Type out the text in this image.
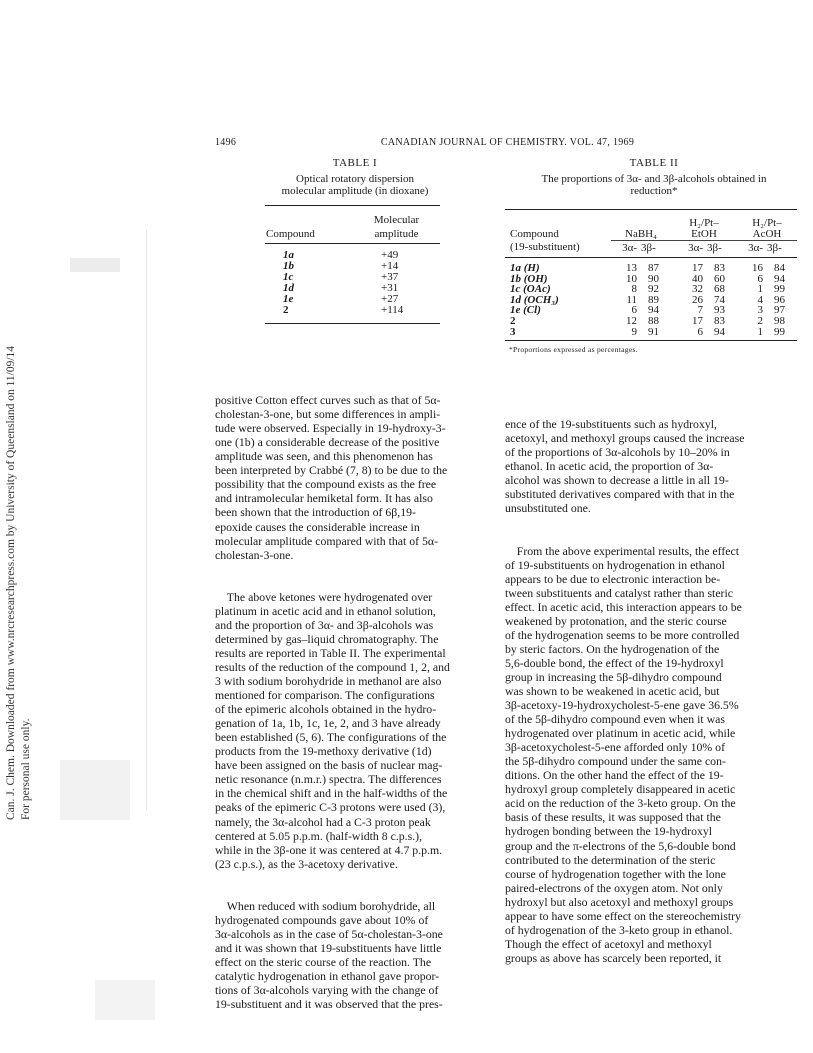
Can. J. Chem. Downloaded from www.nrcresearchpress.com by University of Queensland on 11/09/14 For personal use only.
1496	CANADIAN JOURNAL OF CHEMISTRY. VOL. 47, 1969
TABLE I
Optical rotatory dispersion
molecular amplitude (in dioxane)
Compound	Molecular
	amplitude
1a	+49
1b	+14
1c	+37
1d	+31
1e	+27
2	+114
TABLE II
The proportions of 3α- and 3β-alcohols obtained in
reduction*
	NaBH₄		H₂/Pt–		H₂/Pt–	
Compound			EtOH		AcOH	
(19-substituent)	3α-	3β-	3α-	3β-	3α-	3β-
1a (H)	13	87	17	83	16	84
1b (OH)	10	90	40	60	6	94
1c (OAc)	8	92	32	68	1	99
1d (OCH₃)	11	89	26	74	4	96
1e (Cl)	6	94	7	93	3	97
2	12	88	17	83	2	98
3	9	91	6	94	1	99
*Proportions expressed as percentages.

positive Cotton effect curves such as that of 5α-
cholestan-3-one, but some differences in ampli-
tude were observed. Especially in 19-hydroxy-3-
one (1b) a considerable decrease of the positive
amplitude was seen, and this phenomenon has
been interpreted by Crabbé (7, 8) to be due to the
possibility that the compound exists as the free
and intramolecular hemiketal form. It has also
been shown that the introduction of 6β,19-
epoxide causes the considerable increase in
molecular amplitude compared with that of 5α-
cholestan-3-one.

The above ketones were hydrogenated over
platinum in acetic acid and in ethanol solution,
and the proportion of 3α- and 3β-alcohols was
determined by gas–liquid chromatography. The
results are reported in Table II. The experimental
results of the reduction of the compound 1, 2, and
3 with sodium borohydride in methanol are also
mentioned for comparison. The configurations
of the epimeric alcohols obtained in the hydro-
genation of 1a, 1b, 1c, 1e, 2, and 3 have already
been established (5, 6). The configurations of the
products from the 19-methoxy derivative (1d)
have been assigned on the basis of nuclear mag-
netic resonance (n.m.r.) spectra. The differences
in the chemical shift and in the half-widths of the
peaks of the epimeric C-3 protons were used (3),
namely, the 3α-alcohol had a C-3 proton peak
centered at 5.05 p.p.m. (half-width 8 c.p.s.),
while in the 3β-one it was centered at 4.7 p.p.m.
(23 c.p.s.), as the 3-acetoxy derivative.

When reduced with sodium borohydride, all
hydrogenated compounds gave about 10% of
3α-alcohols as in the case of 5α-cholestan-3-one
and it was shown that 19-substituents have little
effect on the steric course of the reaction. The
catalytic hydrogenation in ethanol gave propor-
tions of 3α-alcohols varying with the change of
19-substituent and it was observed that the pres-

ence of the 19-substituents such as hydroxyl,
acetoxyl, and methoxyl groups caused the increase
of the proportions of 3α-alcohols by 10–20% in
ethanol. In acetic acid, the proportion of 3α-
alcohol was shown to decrease a little in all 19-
substituted derivatives compared with that in the
unsubstituted one.

From the above experimental results, the effect
of 19-substituents on hydrogenation in ethanol
appears to be due to electronic interaction be-
tween substituents and catalyst rather than steric
effect. In acetic acid, this interaction appears to be
weakened by protonation, and the steric course
of the hydrogenation seems to be more controlled
by steric factors. On the hydrogenation of the
5,6-double bond, the effect of the 19-hydroxyl
group in increasing the 5β-dihydro compound
was shown to be weakened in acetic acid, but
3β-acetoxy-19-hydroxycholest-5-ene gave 36.5%
of the 5β-dihydro compound even when it was
hydrogenated over platinum in acetic acid, while
3β-acetoxycholest-5-ene afforded only 10% of
the 5β-dihydro compound under the same con-
ditions. On the other hand the effect of the 19-
hydroxyl group completely disappeared in acetic
acid on the reduction of the 3-keto group. On the
basis of these results, it was supposed that the
hydrogen bonding between the 19-hydroxyl
group and the π-electrons of the 5,6-double bond
contributed to the determination of the steric
course of hydrogenation together with the lone
paired-electrons of the oxygen atom. Not only
hydroxyl but also acetoxyl and methoxyl groups
appear to have some effect on the stereochemistry
of hydrogenation of the 3-keto group in ethanol.
Though the effect of acetoxyl and methoxyl
groups as above has scarcely been reported, it
